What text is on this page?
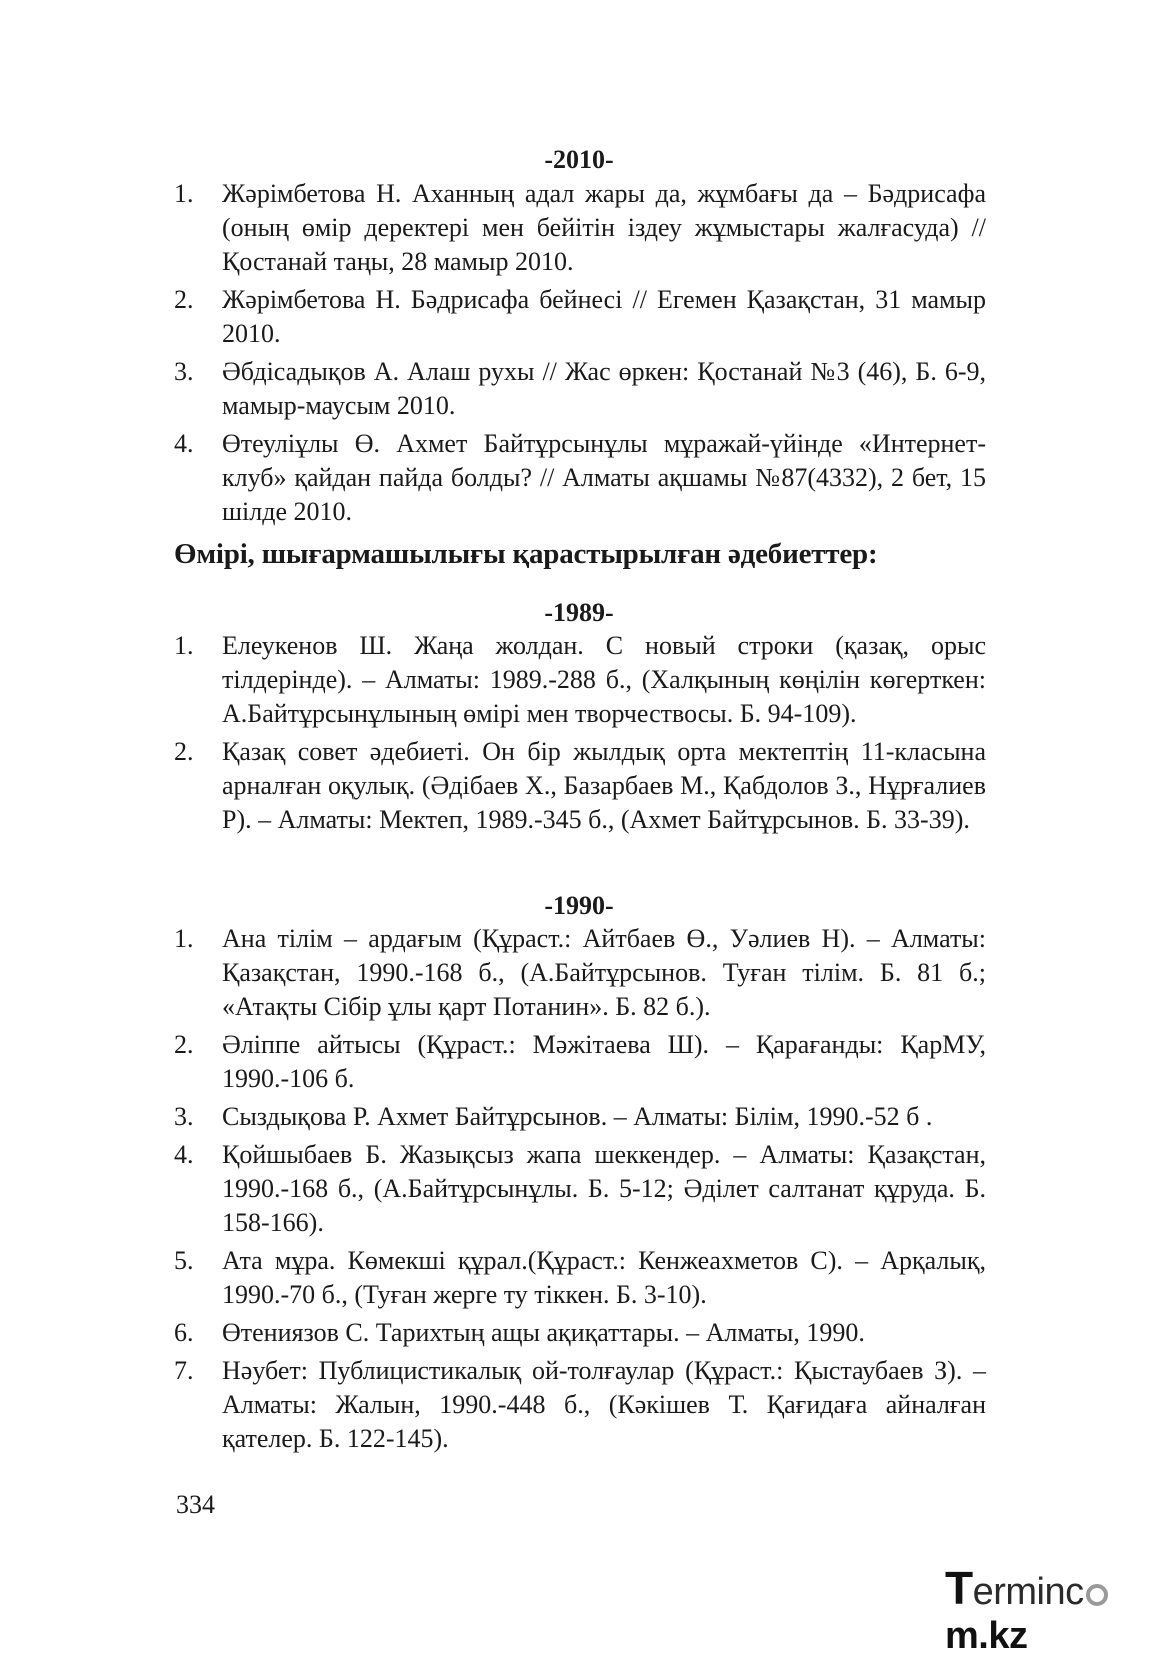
-2010-
1. Жәрімбетова Н. Аханның адал жары да, жұмбағы да – Бәдрисафа (оның өмір деректері мен бейітін іздеу жұмыстары жалғасуда) // Қостанай таңы, 28 мамыр 2010.
2. Жәрімбетова Н. Бәдрисафа бейнесі // Егемен Қазақстан, 31 мамыр 2010.
3. Әбдісадықов А. Алаш рухы // Жас өркен: Қостанай №3 (46), Б. 6-9, мамыр-маусым 2010.
4. Өтеуліұлы Ө. Ахмет Байтұрсынұлы мұражай-үйінде «Интернет-клуб» қайдан пайда болды? // Алматы ақшамы №87(4332), 2 бет, 15 шілде 2010.
Өмірі, шығармашылығы қарастырылған әдебиеттер:
-1989-
1. Елеукенов Ш. Жаңа жолдан. С новый строки (қазақ, орыс тілдерінде). – Алматы: 1989.-288 б., (Халқының көңілін көгерткен: А.Байтұрсынұлының өмірі мен творчествосы. Б. 94-109).
2. Қазақ совет әдебиеті. Он бір жылдық орта мектептің 11-класына арналған оқулық. (Әдібаев Х., Базарбаев М., Қабдолов З., Нұрғалиев Р). – Алматы: Мектеп, 1989.-345 б., (Ахмет Байтұрсынов. Б. 33-39).
-1990-
1. Ана тілім – ардағым (Құраст.: Айтбаев Ө., Уәлиев Н). – Алматы: Қазақстан, 1990.-168 б., (А.Байтұрсынов. Туған тілім. Б. 81 б.; «Атақты Сібір ұлы қарт Потанин». Б. 82 б.).
2. Әліппе айтысы (Құраст.: Мәжітаева Ш). – Қарағанды: ҚарМУ, 1990.-106 б.
3. Сыздықова Р. Ахмет Байтұрсынов. – Алматы: Білім, 1990.-52 б .
4. Қойшыбаев Б. Жазықсыз жапа шеккендер. – Алматы: Қазақстан, 1990.-168 б., (А.Байтұрсынұлы. Б. 5-12; Әділет салтанат құруда. Б. 158-166).
5. Ата мұра. Көмекші құрал.(Құраст.: Кенжеахметов С). – Арқалық, 1990.-70 б., (Туған жерге ту тіккен. Б. 3-10).
6. Өтениязов С. Тарихтың ащы ақиқаттары. – Алматы, 1990.
7. Нәубет: Публицистикалық ой-толғаулар (Құраст.: Қыстаубаев З). – Алматы: Жалын, 1990.-448 б., (Кәкішев Т. Қағидаға айналған қателер. Б. 122-145).
334
Termincm.kz
